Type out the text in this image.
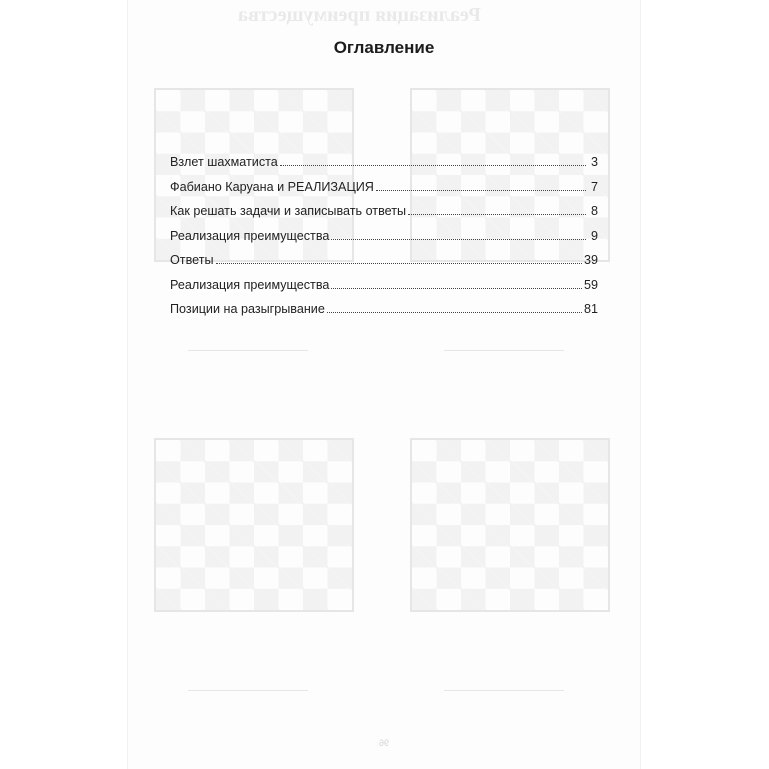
Реализация преимущества
96
Оглавление
Взлет шахматиста	3
Фабиано Каруана и РЕАЛИЗАЦИЯ	7
Как решать задачи и записывать ответы	8
Реализация преимущества	9
Ответы	39
Реализация преимущества	59
Позиции на разыгрывание	81
